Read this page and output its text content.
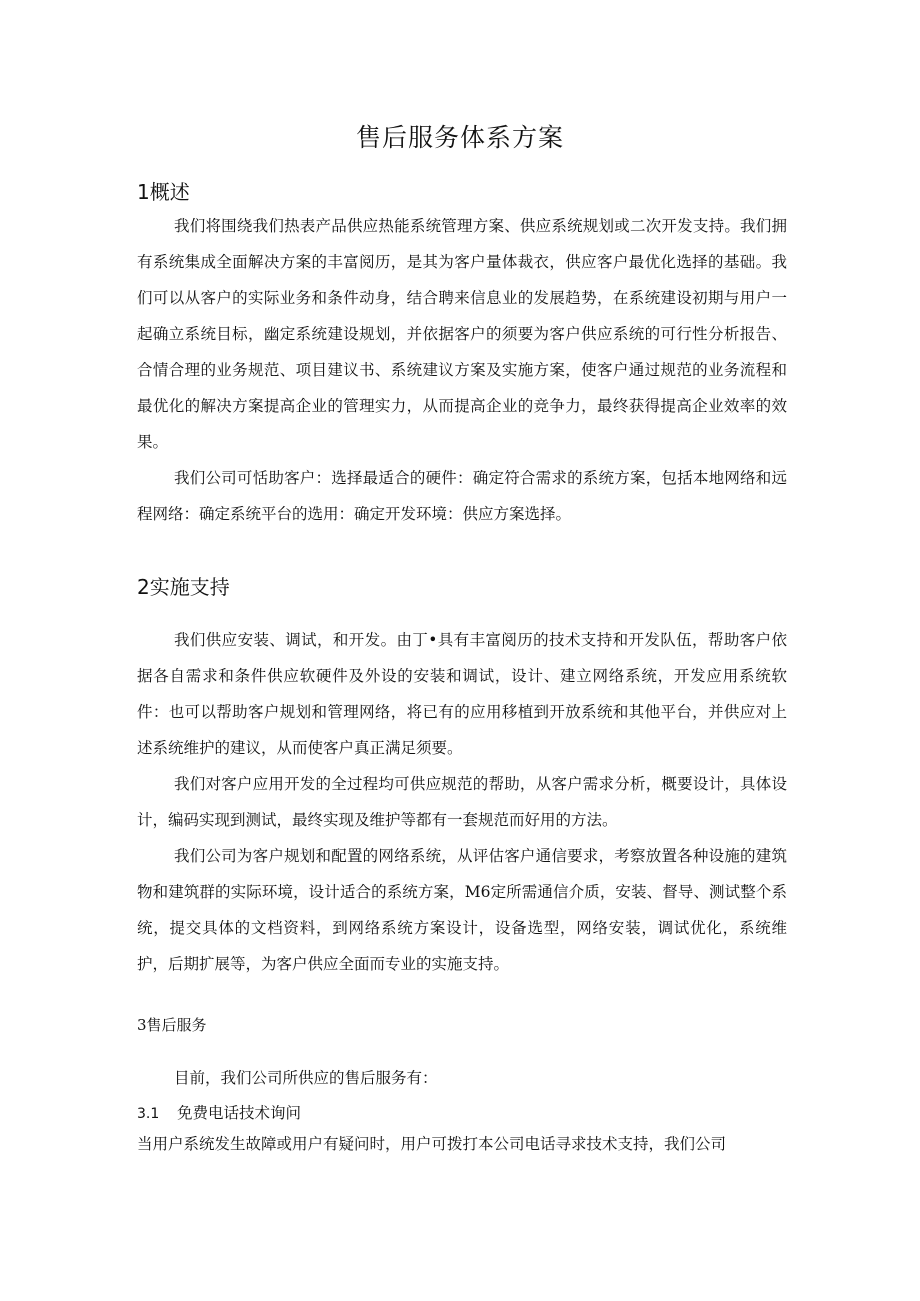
售后服务体系方案
1概述

我们将围绕我们热表产品供应热能系统管理方案、供应系统规划或二次开发支持。我们拥有系统集成全面解决方案的丰富阅历，是其为客户量体裁衣，供应客户最优化选择的基础。我们可以从客户的实际业务和条件动身，结合聘来信息业的发展趋势，在系统建设初期与用户一起确立系统目标，幽定系统建设规划，并依据客户的须要为客户供应系统的可行性分析报告、合情合理的业务规范、项目建议书、系统建议方案及实施方案，使客户通过规范的业务流程和最优化的解决方案提高企业的管理实力，从而提高企业的竞争力，最终获得提高企业效率的效果。

我们公司可恬助客户：选择最适合的硬件：确定符合需求的系统方案，包括本地网络和远程网络：确定系统平台的选用：确定开发环境：供应方案选择。

2实施支持

我们供应安装、调试，和开发。由丁•具有丰富阅历的技术支持和开发队伍，帮助客户依据各自需求和条件供应软硬件及外设的安装和调试，设计、建立网络系统，开发应用系统软件：也可以帮助客户规划和管理网络，将已有的应用移植到开放系统和其他平台，并供应对上述系统维护的建议，从而使客户真正满足须要。

我们对客户应用开发的全过程均可供应规范的帮助，从客户需求分析，概要设计，具体设计，编码实现到测试，最终实现及维护等都有一套规范而好用的方法。

我们公司为客户规划和配置的网络系统，从评估客户通信要求，考察放置各种设施的建筑物和建筑群的实际环境，设计适合的系统方案，M6定所需通信介质，安装、督导、测试整个系统，提交具体的文档资料，到网络系统方案设计，设备选型，网络安装，调试优化，系统维护，后期扩展等，为客户供应全面而专业的实施支持。

3售后服务

目前，我们公司所供应的售后服务有：

3.1 免费电话技术询问

当用户系统发生故障或用户有疑问时，用户可拨打本公司电话寻求技术支持，我们公司
